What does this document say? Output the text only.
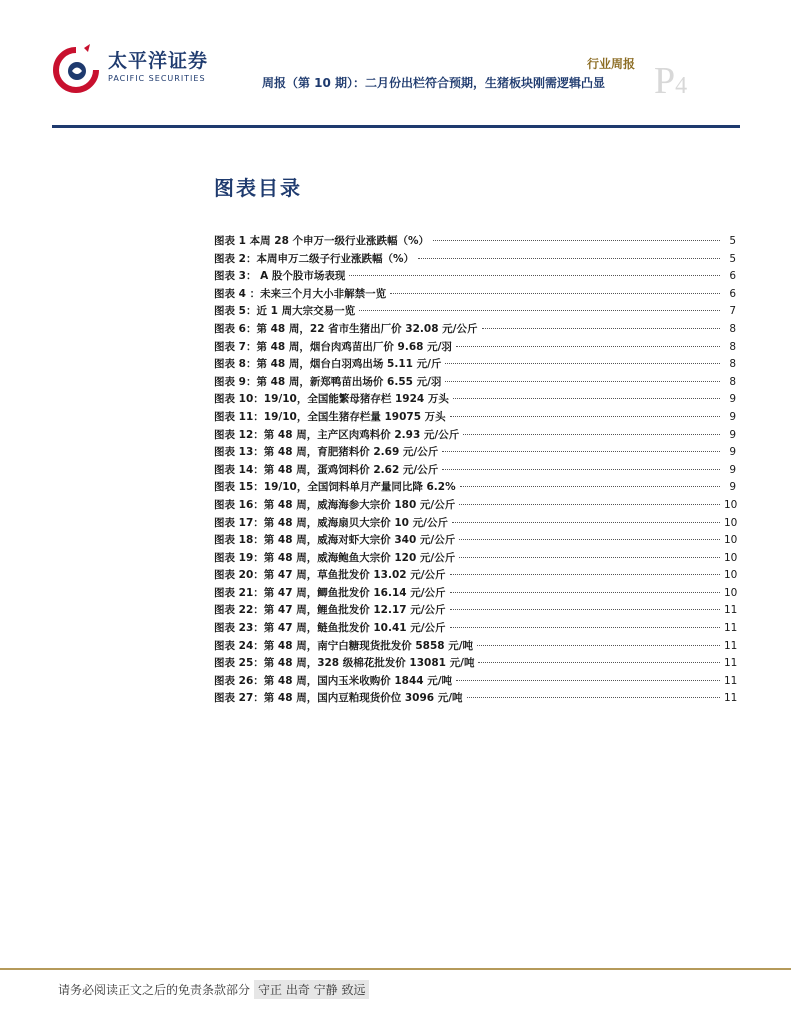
太平洋证券
PACIFIC SECURITIES
行业周报
周报（第 10 期）：二月份出栏符合预期，生猪板块刚需逻辑凸显 P4
图表目录
图表 1 本周 28 个申万一级行业涨跌幅（%）	5
图表 2：本周申万二级子行业涨跌幅（%）	5
图表 3： A 股个股市场表现	6
图表 4 ：未来三个月大小非解禁一览	6
图表 5：近 1 周大宗交易一览	7
图表 6：第 48 周，22 省市生猪出厂价 32.08 元/公斤	8
图表 7：第 48 周，烟台肉鸡苗出厂价 9.68 元/羽	8
图表 8：第 48 周，烟台白羽鸡出场 5.11 元/斤	8
图表 9：第 48 周，新郑鸭苗出场价 6.55 元/羽	8
图表 10：19/10，全国能繁母猪存栏 1924 万头	9
图表 11：19/10，全国生猪存栏量 19075 万头	9
图表 12：第 48 周，主产区肉鸡料价 2.93 元/公斤	9
图表 13：第 48 周，育肥猪料价 2.69 元/公斤	9
图表 14：第 48 周，蛋鸡饲料价 2.62 元/公斤	9
图表 15：19/10，全国饲料单月产量同比降 6.2%	9
图表 16：第 48 周，威海海参大宗价 180 元/公斤	10
图表 17：第 48 周，威海扇贝大宗价 10 元/公斤	10
图表 18：第 48 周，威海对虾大宗价 340 元/公斤	10
图表 19：第 48 周，威海鲍鱼大宗价 120 元/公斤	10
图表 20：第 47 周，草鱼批发价 13.02 元/公斤	10
图表 21：第 47 周，鲫鱼批发价 16.14 元/公斤	10
图表 22：第 47 周，鲤鱼批发价 12.17 元/公斤	11
图表 23：第 47 周，鲢鱼批发价 10.41 元/公斤	11
图表 24：第 48 周，南宁白糖现货批发价 5858 元/吨	11
图表 25：第 48 周，328 级棉花批发价 13081 元/吨	11
图表 26：第 48 周，国内玉米收购价 1844 元/吨	11
图表 27：第 48 周，国内豆粕现货价位 3096 元/吨	11
请务必阅读正文之后的免责条款部分 守正 出奇 宁静 致远
